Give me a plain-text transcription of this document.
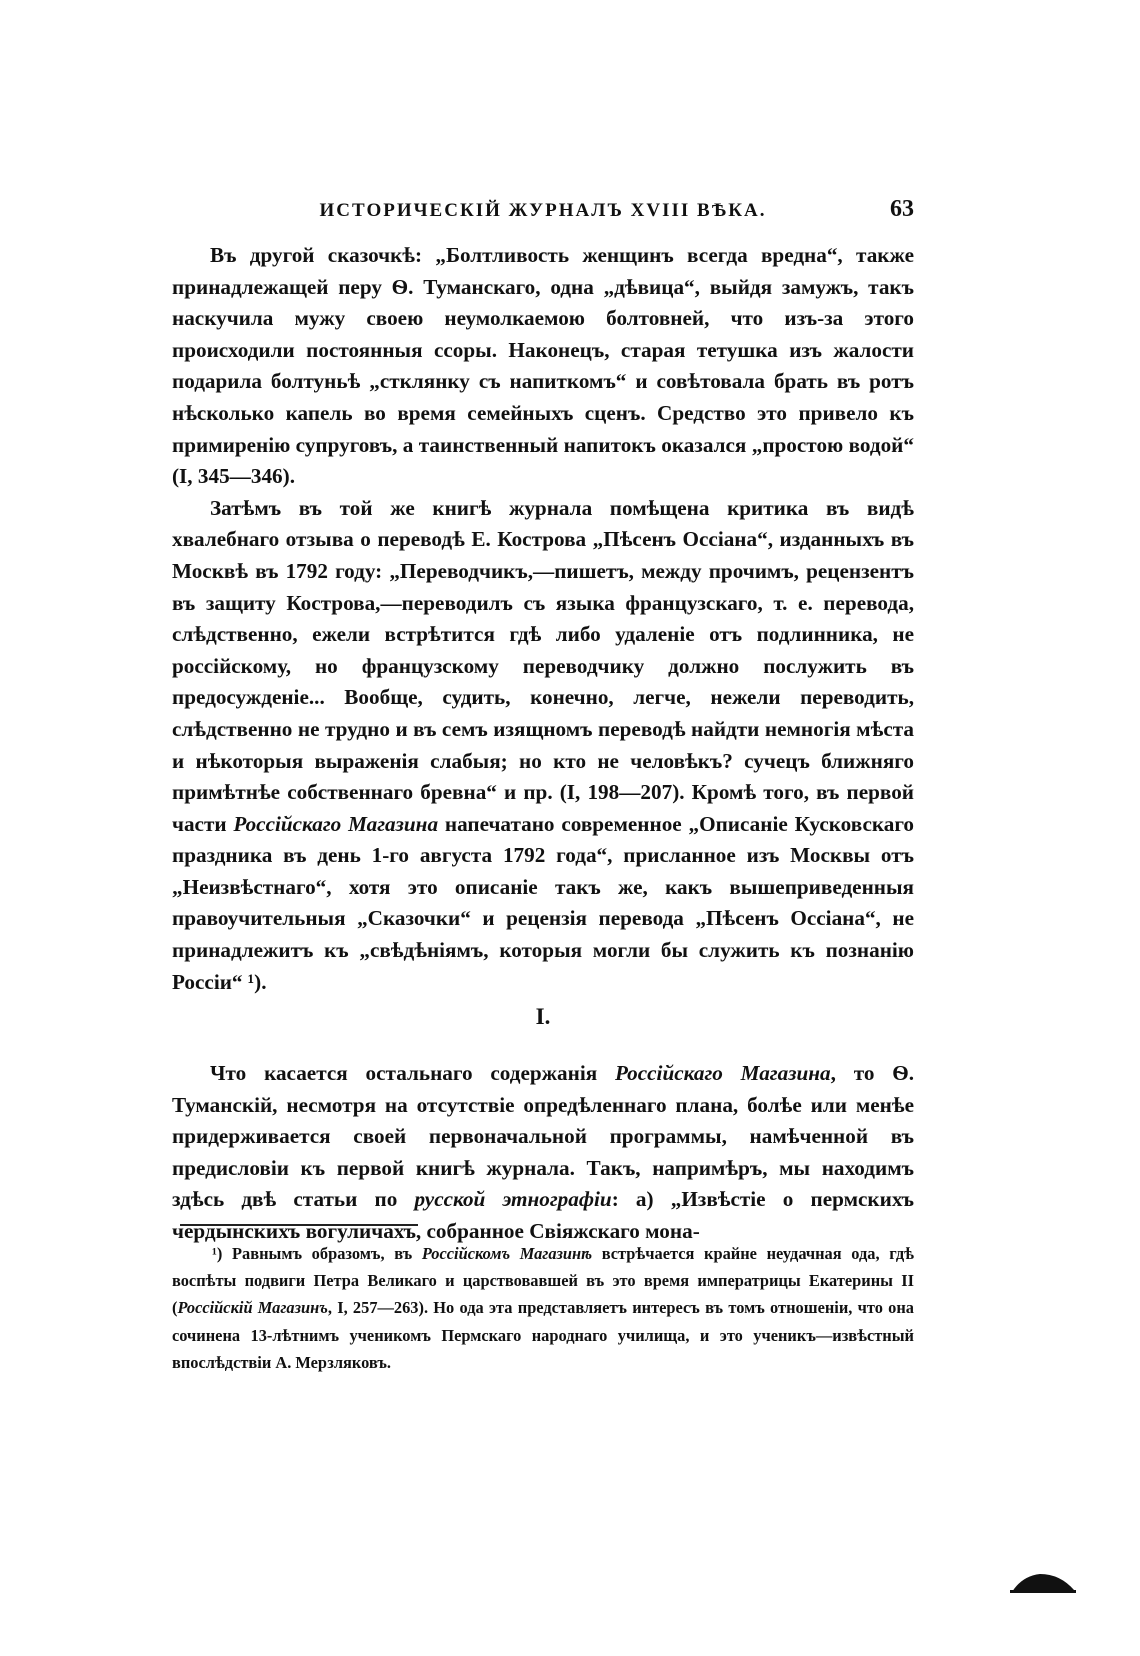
ИСТОРИЧЕСКІЙ ЖУРНАЛЪ XVIII ВѢКА.	63

Въ другой сказочкѣ: „Болтливость женщинъ всегда вредна“, также принадлежащей перу Ѳ. Туманскаго, одна „дѣвица“, выйдя замужъ, такъ наскучила мужу своею неумолкаемою болтовней, что изъ-за этого происходили постоянныя ссоры. Наконецъ, старая тетушка изъ жалости подарила болтуньѣ „стклянку съ напиткомъ“ и совѣтовала брать въ ротъ нѣсколько капель во время семейныхъ сценъ. Средство это привело къ примиренію супруговъ, а таинственный напитокъ оказался „простою водой“ (I, 345—346).

Затѣмъ въ той же книгѣ журнала помѣщена критика въ видѣ хвалебнаго отзыва о переводѣ Е. Кострова „Пѣсенъ Оссіана“, изданныхъ въ Москвѣ въ 1792 году: „Переводчикъ,—пишетъ, между прочимъ, рецензентъ въ защиту Кострова,—переводилъ съ языка французскаго, т. е. перевода, слѣдственно, ежели встрѣтится гдѣ либо удаленіе отъ подлинника, не россійскому, но французскому переводчику должно послужить въ предосужденіе... Вообще, судить, конечно, легче, нежели переводить, слѣдственно не трудно и въ семъ изящномъ переводѣ найдти немногія мѣста и нѣкоторыя выраженія слабыя; но кто не человѣкъ? сучецъ ближняго примѣтнѣе собственнаго бревна“ и пр. (I, 198—207). Кромѣ того, въ первой части Россійскаго Магазина напечатано современное „Описаніе Кусковскаго праздника въ день 1-го августа 1792 года“, присланное изъ Москвы отъ „Неизвѣстнаго“, хотя это описаніе такъ же, какъ вышеприведенныя правоучительныя „Сказочки“ и рецензія перевода „Пѣсенъ Оссіана“, не принадлежитъ къ „свѣдѣніямъ, которыя могли бы служить къ познанію Россіи“ ¹).

I.

Что касается остальнаго содержанія Россійскаго Магазина, то Ѳ. Туманскій, несмотря на отсутствіе опредѣленнаго плана, болѣе или менѣе придерживается своей первоначальной программы, намѣченной въ предисловіи къ первой книгѣ журнала. Такъ, напримѣръ, мы находимъ здѣсь двѣ статьи по русской этнографіи: а) „Извѣстіе о пермскихъ чердынскихъ вогуличахъ, собранное Свіяжскаго мона-

¹) Равнымъ образомъ, въ Россійскомъ Магазинѣ встрѣчается крайне неудачная ода, гдѣ воспѣты подвиги Петра Великаго и царствовавшей въ это время императрицы Екатерины II (Россійскій Магазинъ, I, 257—263). Но ода эта представляетъ интересъ въ томъ отношеніи, что она сочинена 13-лѣтнимъ ученикомъ Пермскаго народнаго училища, и это ученикъ—извѣстный впослѣдствіи А. Мерзляковъ.
